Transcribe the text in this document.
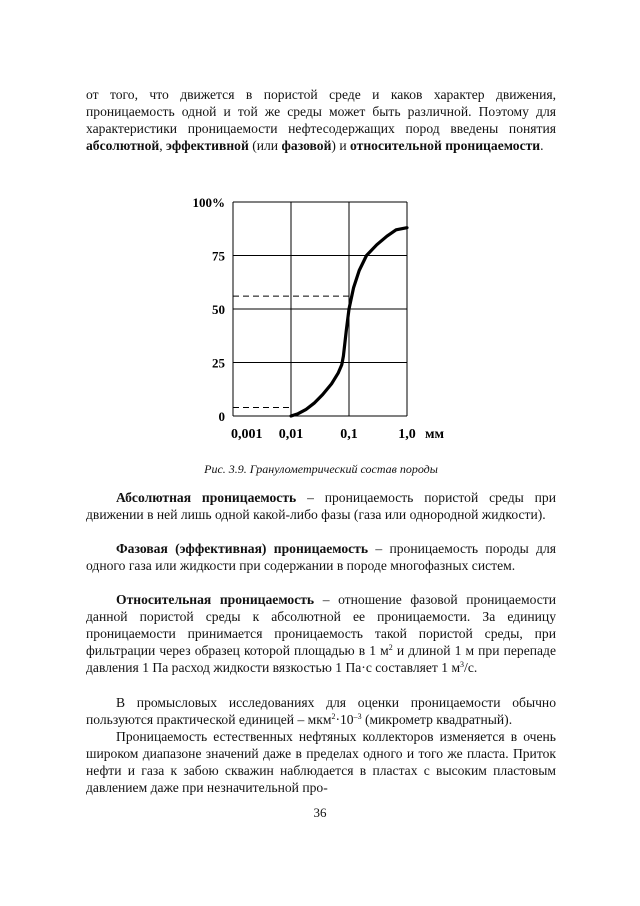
от того, что движется в пористой среде и каков характер движения, проницаемость одной и той же среды может быть различной. Поэтому для характеристики проницаемости нефтесодержащих пород введены понятия абсолютной, эффективной (или фазовой) и относительной проницаемости.

0
25
50
75
100%
0,001 0,01	0,1	1,0 мм
Рис. 3.9. Гранулометрический состав породы

Абсолютная проницаемость – проницаемость пористой среды при движении в ней лишь одной какой-либо фазы (газа или однородной жидкости).

Фазовая (эффективная) проницаемость – проницаемость породы для одного газа или жидкости при содержании в породе многофазных систем.

Относительная проницаемость – отношение фазовой проницаемости данной пористой среды к абсолютной ее проницаемости. За единицу проницаемости принимается проницаемость такой пористой среды, при фильтрации через образец которой площадью в 1 $м^2$ и длиной 1 м при перепаде давления 1 Па расход жидкости вязкостью 1 Па·с составляет 1 $м^3/с$.

В промысловых исследованиях для оценки проницаемости обычно пользуются практической единицей – $мкм^2\cdot 10^{-3}$ (микрометр квадратный).

Проницаемость естественных нефтяных коллекторов изменяется в очень широком диапазоне значений даже в пределах одного и того же пласта. Приток нефти и газа к забою скважин наблюдается в пластах с высоким пластовым давлением даже при незначительной про-

36
